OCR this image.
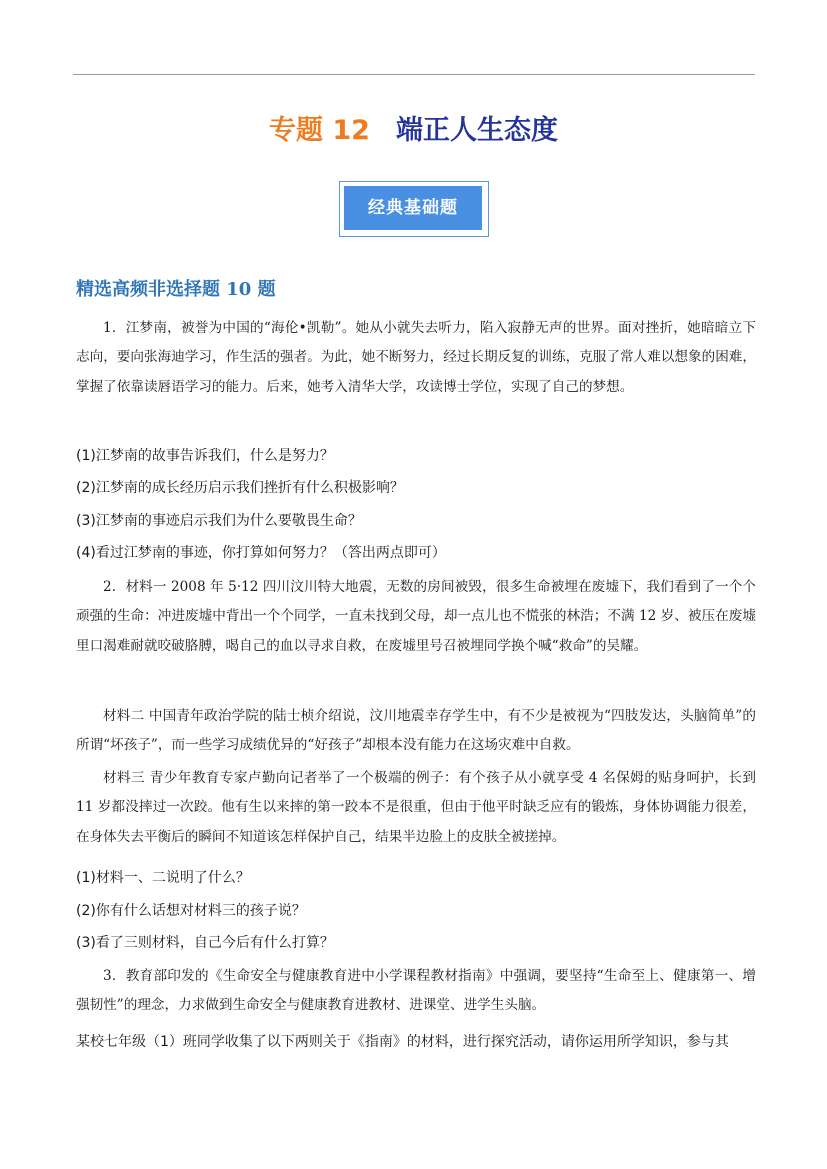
专题 12 端正人生态度
经典基础题
精选高频非选择题 10 题
1．江梦南，被誉为中国的“海伦•凯勒”。她从小就失去听力，陷入寂静无声的世界。面对挫折，她暗暗立下志向，要向张海迪学习，作生活的强者。为此，她不断努力，经过长期反复的训练，克服了常人难以想象的困难，掌握了依靠读唇语学习的能力。后来，她考入清华大学，攻读博士学位，实现了自己的梦想。
(1)江梦南的故事告诉我们，什么是努力？
(2)江梦南的成长经历启示我们挫折有什么积极影响？
(3)江梦南的事迹启示我们为什么要敬畏生命？
(4)看过江梦南的事迹，你打算如何努力？（答出两点即可）
2．材料一 2008 年 5·12 四川汶川特大地震，无数的房间被毁，很多生命被埋在废墟下，我们看到了一个个顽强的生命：冲进废墟中背出一个个同学，一直未找到父母，却一点儿也不慌张的林浩；不满 12 岁、被压在废墟里口渴难耐就咬破胳膊，喝自己的血以寻求自救，在废墟里号召被埋同学换个喊“救命”的吴耀。
材料二 中国青年政治学院的陆士桢介绍说，汶川地震幸存学生中，有不少是被视为“四肢发达，头脑简单”的所谓“坏孩子”，而一些学习成绩优异的“好孩子”却根本没有能力在这场灾难中自救。
材料三 青少年教育专家卢勤向记者举了一个极端的例子：有个孩子从小就享受 4 名保姆的贴身呵护，长到 11 岁都没摔过一次跤。他有生以来摔的第一跤本不是很重，但由于他平时缺乏应有的锻炼，身体协调能力很差，在身体失去平衡后的瞬间不知道该怎样保护自己，结果半边脸上的皮肤全被搓掉。
(1)材料一、二说明了什么？
(2)你有什么话想对材料三的孩子说？
(3)看了三则材料，自己今后有什么打算？
3．教育部印发的《生命安全与健康教育进中小学课程教材指南》中强调，要坚持“生命至上、健康第一、增强韧性”的理念，力求做到生命安全与健康教育进教材、进课堂、进学生头脑。
某校七年级（1）班同学收集了以下两则关于《指南》的材料，进行探究活动，请你运用所学知识，参与其
